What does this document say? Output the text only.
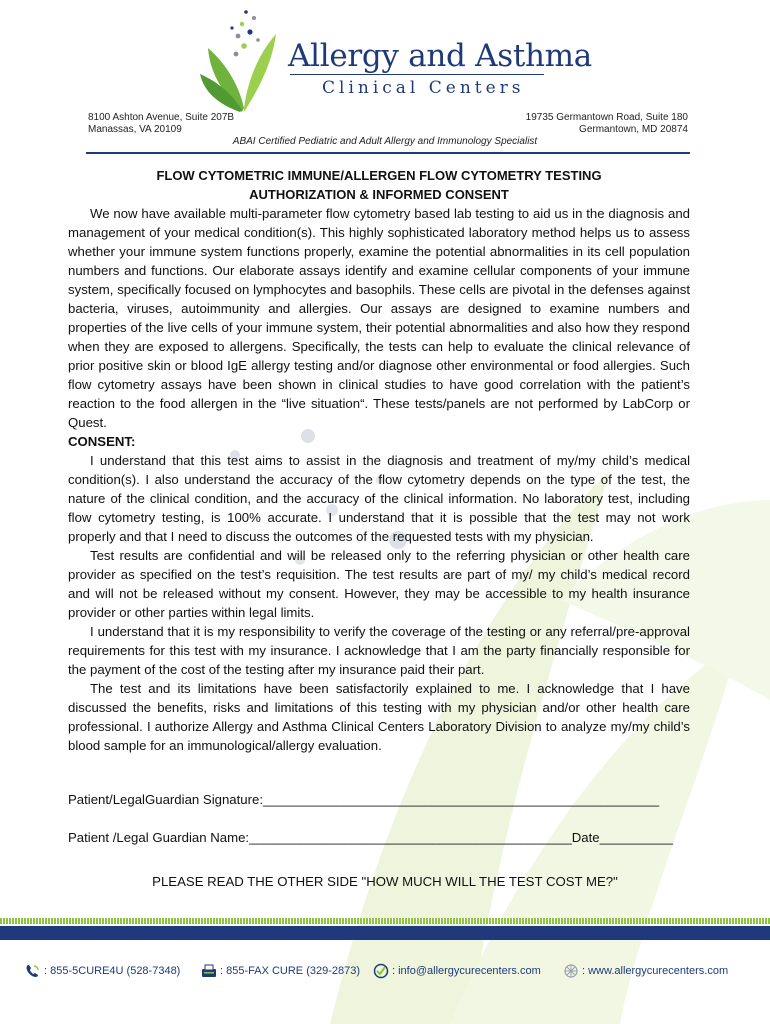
Allergy and Asthma
Clinical Centers
8100 Ashton Avenue, Suite 207B
Manassas, VA 20109
19735 Germantown Road, Suite 180
Germantown, MD 20874
ABAI Certified Pediatric and Adult Allergy and Immunology Specialist
FLOW CYTOMETRIC IMMUNE/ALLERGEN FLOW CYTOMETRY TESTING
AUTHORIZATION & INFORMED CONSENT

We now have available multi-parameter flow cytometry based lab testing to aid us in the diagnosis and management of your medical condition(s). This highly sophisticated laboratory method helps us to assess whether your immune system functions properly, examine the potential abnormalities in its cell population numbers and functions. Our elaborate assays identify and examine cellular components of your immune system, specifically focused on lymphocytes and basophils. These cells are pivotal in the defenses against bacteria, viruses, autoimmunity and allergies. Our assays are designed to examine numbers and properties of the live cells of your immune system, their potential abnormalities and also how they respond when they are exposed to allergens. Specifically, the tests can help to evaluate the clinical relevance of prior positive skin or blood IgE allergy testing and/or diagnose other environmental or food allergies. Such flow cytometry assays have been shown in clinical studies to have good correlation with the patient’s reaction to the food allergen in the “live situation“. These tests/panels are not performed by LabCorp or Quest.

CONSENT:

I understand that this test aims to assist in the diagnosis and treatment of my/my child’s medical condition(s). I also understand the accuracy of the flow cytometry depends on the type of the test, the nature of the clinical condition, and the accuracy of the clinical information. No laboratory test, including flow cytometry testing, is 100% accurate. I understand that it is possible that the test may not work properly and that I need to discuss the outcomes of the requested tests with my physician.

Test results are confidential and will be released only to the referring physician or other health care provider as specified on the test’s requisition. The test results are part of my/ my child’s medical record and will not be released without my consent. However, they may be accessible to my health insurance provider or other parties within legal limits.

I understand that it is my responsibility to verify the coverage of the testing or any referral/pre-approval requirements for this test with my insurance. I acknowledge that I am the party financially responsible for the payment of the cost of the testing after my insurance paid their part.

The test and its limitations have been satisfactorily explained to me. I acknowledge that I have discussed the benefits, risks and limitations of this testing with my physician and/or other health care professional. I authorize Allergy and Asthma Clinical Centers Laboratory Division to analyze my/my child’s blood sample for an immunological/allergy evaluation.

Patient/LegalGuardian Signature:______________________________________________________
Patient /Legal Guardian Name:____________________________________________Date__________
PLEASE READ THE OTHER SIDE "HOW MUCH WILL THE TEST COST ME?"
: 855-5CURE4U (528-7348)	: 855-FAX CURE (329-2873)	: info@allergycurecenters.com	: www.allergycurecenters.com
